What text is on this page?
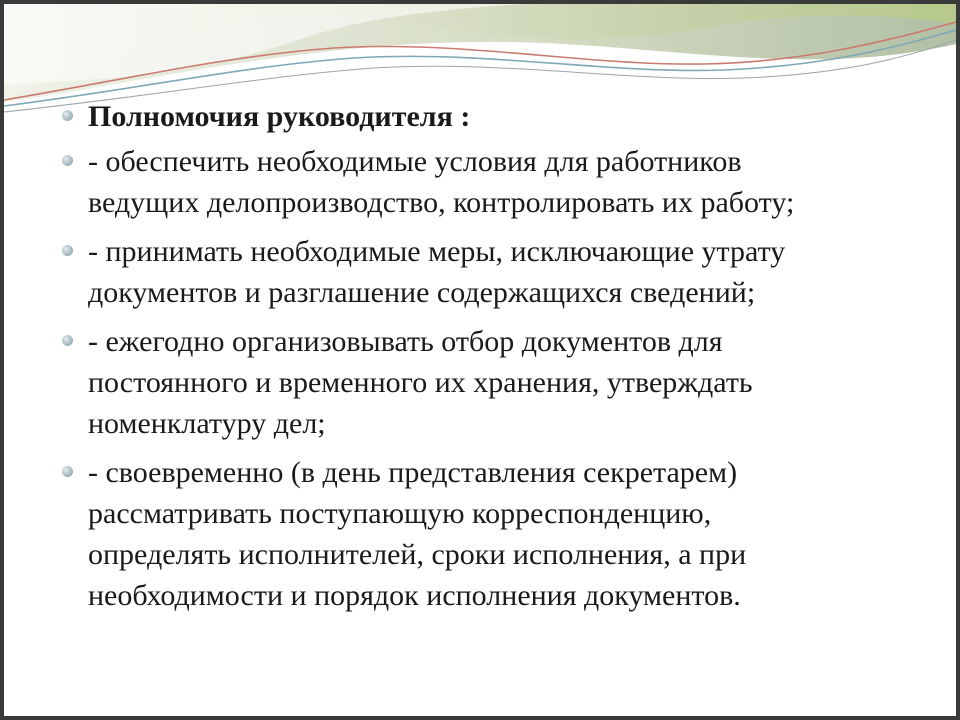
Полномочия руководителя :
- обеспечить необходимые условия для работников
ведущих делопроизводство, контролировать их работу;
- принимать необходимые меры, исключающие утрату
документов и разглашение содержащихся сведений;
- ежегодно организовывать отбор документов для
постоянного и временного их хранения, утверждать
номенклатуру дел;
- своевременно (в день представления секретарем)
рассматривать поступающую корреспонденцию,
определять исполнителей, сроки исполнения, а при
необходимости и порядок исполнения документов.
